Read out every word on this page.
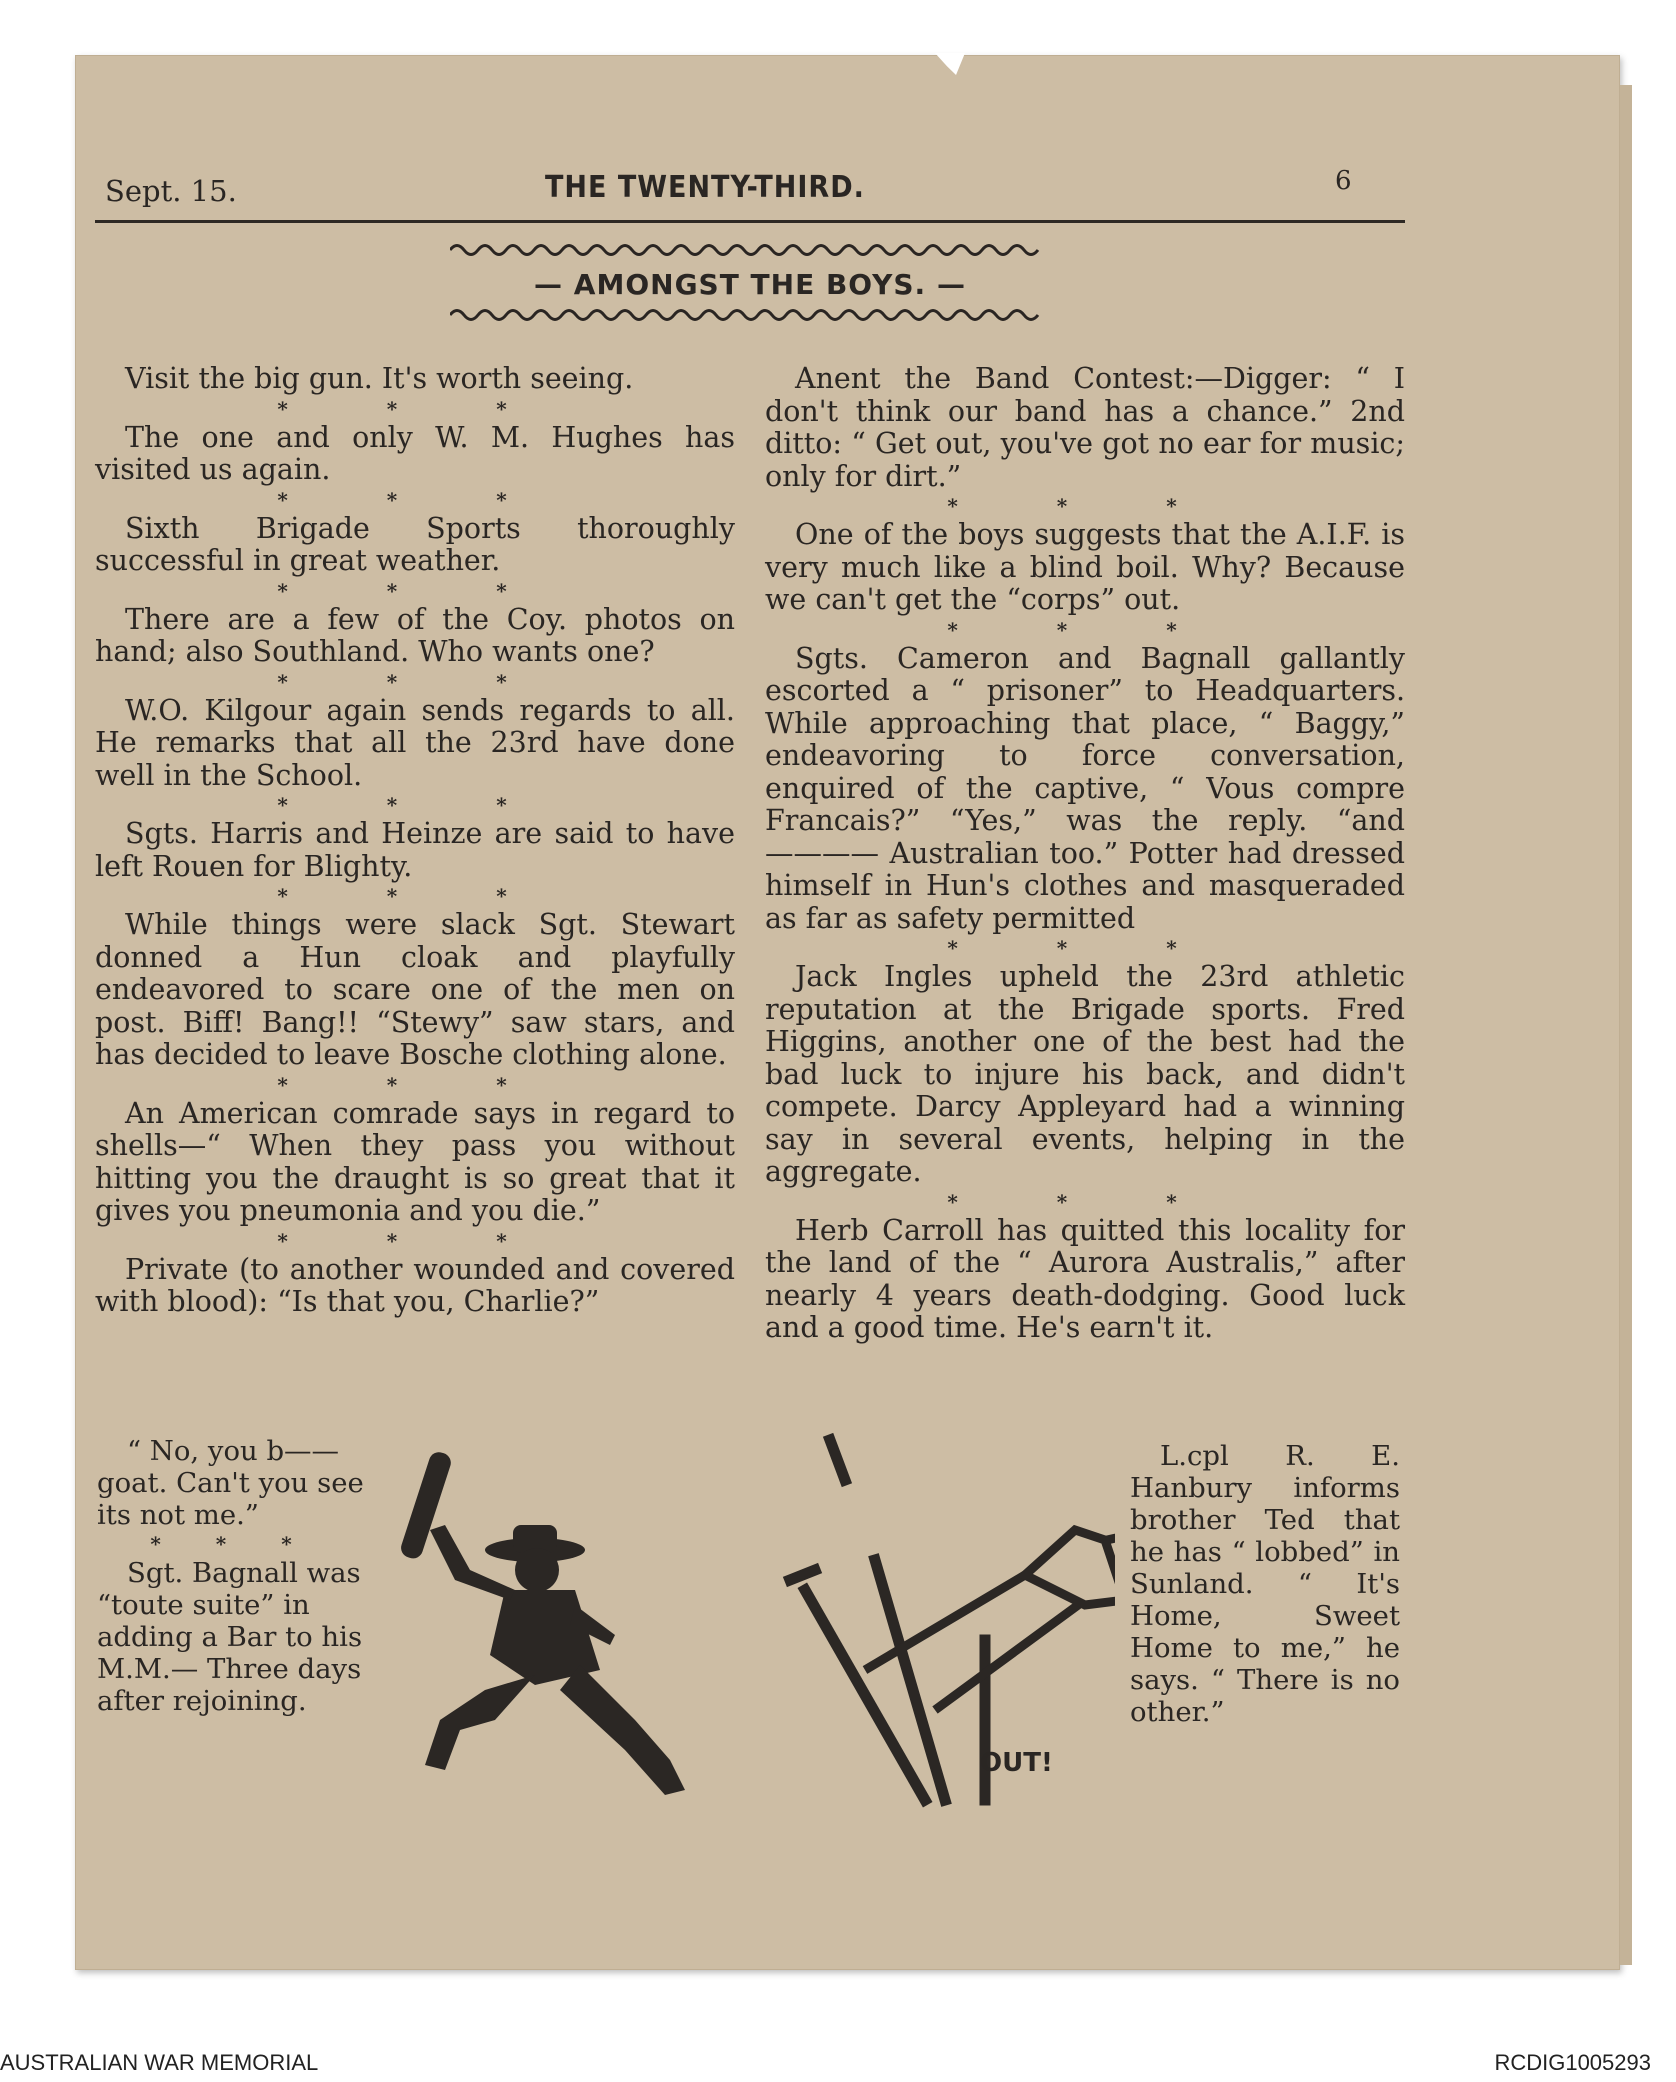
Sept. 15.	THE TWENTY-THIRD.	6
— AMONGST THE BOYS. —

Visit the big gun. It's worth seeing.

* * *

The one and only W. M. Hughes has visited us again.

* * *

Sixth Brigade Sports thoroughly successful in great weather.

* * *

There are a few of the Coy. photos on hand; also Southland. Who wants one?

* * *

W.O. Kilgour again sends regards to all. He remarks that all the 23rd have done well in the School.

* * *

Sgts. Harris and Heinze are said to have left Rouen for Blighty.

* * *

While things were slack Sgt. Stewart donned a Hun cloak and playfully endeavored to scare one of the men on post. Biff! Bang!! “Stewy” saw stars, and has decided to leave Bosche clothing alone.

* * *

An American comrade says in regard to shells—“ When they pass you without hitting you the draught is so great that it gives you pneumonia and you die.”

* * *

Private (to another wounded and covered with blood): “Is that you, Charlie?”

Anent the Band Contest:—Digger: “ I don't think our band has a chance.” 2nd ditto: “ Get out, you've got no ear for music; only for dirt.”

* * *

One of the boys suggests that the A.I.F. is very much like a blind boil. Why? Because we can't get the “corps” out.

* * *

Sgts. Cameron and Bagnall gallantly escorted a “ prisoner” to Headquarters. While approaching that place, “ Baggy,” endeavoring to force conversation, enquired of the captive, “ Vous compre Francais?” “Yes,” was the reply. “and ———— Australian too.” Potter had dressed himself in Hun's clothes and masqueraded as far as safety permitted

* * *

Jack Ingles upheld the 23rd athletic reputation at the Brigade sports. Fred Higgins, another one of the best had the bad luck to injure his back, and didn't compete. Darcy Appleyard had a winning say in several events, helping in the aggregate.

* * *

Herb Carroll has quitted this locality for the land of the “ Aurora Australis,” after nearly 4 years death-dodging. Good luck and a good time. He's earn't it.

“ No, you b—— goat. Can't you see its not me.”

* * *

Sgt. Bagnall was “toute suite” in adding a Bar to his M.M.— Three days after rejoining.

L.cpl R. E. Hanbury informs brother Ted that he has “ lobbed” in Sunland. “ It's Home, Sweet Home to me,” he says. “ There is no other.”

OUT!
AUSTRALIAN WAR MEMORIAL	RCDIG1005293
